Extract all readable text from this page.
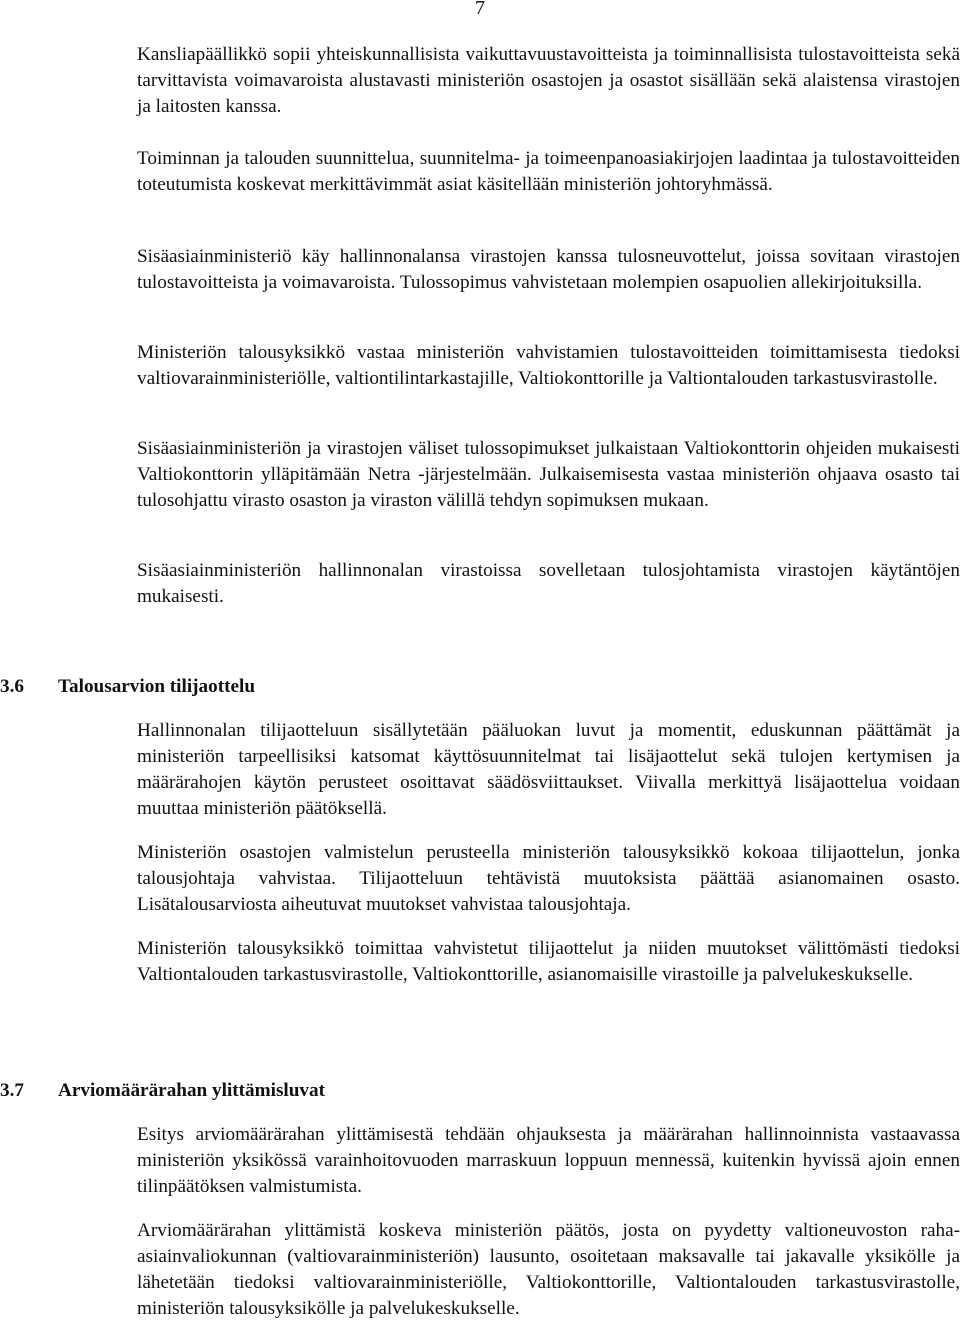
7

Kansliapäällikkö sopii yhteiskunnallisista vaikuttavuustavoitteista ja toiminnallisista tulostavoitteista sekä tarvittavista voimavaroista alustavasti ministeriön osastojen ja osastot sisällään sekä alaistensa virastojen ja laitosten kanssa.

Toiminnan ja talouden suunnittelua, suunnitelma- ja toimeenpanoasiakirjojen laadintaa ja tulostavoitteiden toteutumista koskevat merkittävimmät asiat käsitellään ministeriön johtoryhmässä.

Sisäasiainministeriö käy hallinnonalansa virastojen kanssa tulosneuvottelut, joissa sovitaan virastojen tulostavoitteista ja voimavaroista. Tulossopimus vahvistetaan molempien osapuolien allekirjoituksilla.

Ministeriön talousyksikkö vastaa ministeriön vahvistamien tulostavoitteiden toimittamisesta tiedoksi valtiovarainministeriölle, valtiontilintarkastajille, Valtiokonttorille ja Valtiontalouden tarkastusvirastolle.

Sisäasiainministeriön ja virastojen väliset tulossopimukset julkaistaan Valtiokonttorin ohjeiden mukaisesti Valtiokonttorin ylläpitämään Netra -järjestelmään. Julkaisemisesta vastaa ministeriön ohjaava osasto tai tulosohjattu virasto osaston ja viraston välillä tehdyn sopimuksen mukaan.

Sisäasiainministeriön hallinnonalan virastoissa sovelletaan tulosjohtamista virastojen käytäntöjen mukaisesti.

3.6 Talousarvion tilijaottelu

Hallinnonalan tilijaotteluun sisällytetään pääluokan luvut ja momentit, eduskunnan päättämät ja ministeriön tarpeellisiksi katsomat käyttösuunnitelmat tai lisäjaottelut sekä tulojen kertymisen ja määrärahojen käytön perusteet osoittavat säädösviittaukset. Viivalla merkittyä lisäjaottelua voidaan muuttaa ministeriön päätöksellä.

Ministeriön osastojen valmistelun perusteella ministeriön talousyksikkö kokoaa tilijaottelun, jonka talousjohtaja vahvistaa. Tilijaotteluun tehtävistä muutoksista päättää asianomainen osasto. Lisätalousarviosta aiheutuvat muutokset vahvistaa talousjohtaja.

Ministeriön talousyksikkö toimittaa vahvistetut tilijaottelut ja niiden muutokset välittömästi tiedoksi Valtiontalouden tarkastusvirastolle, Valtiokonttorille, asianomaisille virastoille ja palvelukeskukselle.

3.7 Arviomäärärahan ylittämisluvat

Esitys arviomäärärahan ylittämisestä tehdään ohjauksesta ja määrärahan hallinnoinnista vastaavassa ministeriön yksikössä varainhoitovuoden marraskuun loppuun mennessä, kuitenkin hyvissä ajoin ennen tilinpäätöksen valmistumista.

Arviomäärärahan ylittämistä koskeva ministeriön päätös, josta on pyydetty valtioneuvoston raha-asiainvaliokunnan (valtiovarainministeriön) lausunto, osoitetaan maksavalle tai jakavalle yksikölle ja lähetetään tiedoksi valtiovarainministeriölle, Valtiokonttorille, Valtiontalouden tarkastusvirastolle, ministeriön talousyksikölle ja palvelukeskukselle.
